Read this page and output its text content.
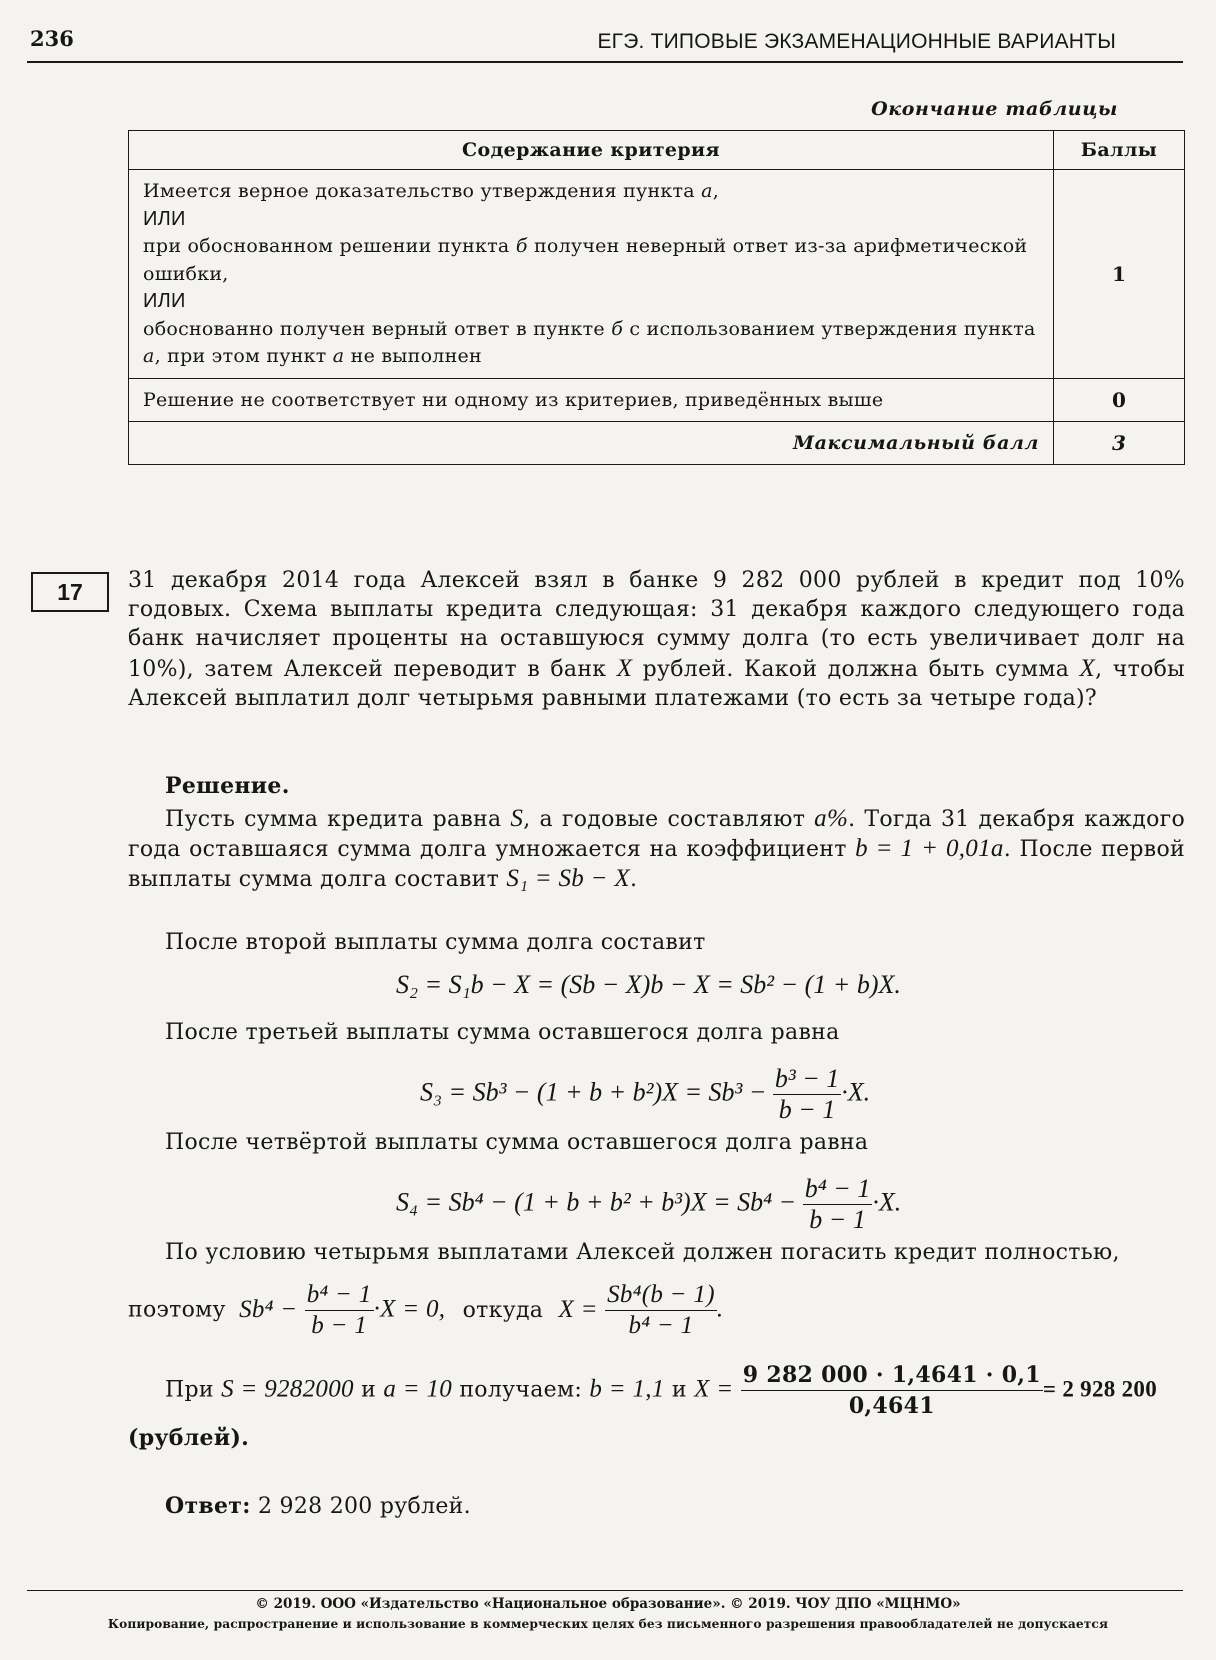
236	ЕГЭ. ТИПОВЫЕ ЭКЗАМЕНАЦИОННЫЕ ВАРИАНТЫ
Окончание таблицы
Содержание критерия	Баллы
Имеется верное доказательство утверждения пункта а,
ИЛИ
при обоснованном решении пункта б получен неверный ответ из-за арифметической ошибки,
ИЛИ
обоснованно получен верный ответ в пункте б с использованием утверждения пункта а, при этом пункт а не выполнен	1
Решение не соответствует ни одному из критериев, приведённых выше	0
Максимальный балл	3
17	31 декабря 2014 года Алексей взял в банке 9 282 000 рублей в кредит под 10% годовых. Схема выплаты кредита следующая: 31 декабря каждого следующего года банк начисляет проценты на оставшуюся сумму долга (то есть увеличивает долг на 10%), затем Алексей переводит в банк X рублей. Какой должна быть сумма X, чтобы Алексей выплатил долг четырьмя равными платежами (то есть за четыре года)?
Решение.
Пусть сумма кредита равна S, а годовые составляют a%. Тогда 31 декабря каждого года оставшаяся сумма долга умножается на коэффициент b = 1 + 0,01a. После первой выплаты сумма долга составит S₁ = Sb − X.
После второй выплаты сумма долга составит
S₂ = S₁b − X = (Sb − X)b − X = Sb² − (1 + b)X.
После третьей выплаты сумма оставшегося долга равна
$S_3 = Sb^3 - (1 + b + b^2)X = Sb^3 - \frac{\text{b³ − 1}}{b - 1} \cdot X$.
После четвёртой выплаты сумма оставшегося долга равна
$S_4 = Sb^4 - (1 + b + b^2 + b^3)X = Sb^4 - \frac{\text{b⁴ − 1}}{b - 1} \cdot X$.
По условию четырьмя выплатами Алексей должен погасить кредит полностью,
поэтому $Sb^4 - \frac{\text{b⁴ − 1}}{b - 1} \cdot X = 0$, откуда $X = \frac{\text{Sb⁴(b − 1)}}{\text{b⁴ − 1}}$ .
При S = 9282000 и a = 10 получаем: b = 1,1 и $X = \frac{9 282 000 \cdot 1,4641 \cdot 0,1}{0,4641} = 2$ 928 200
(рублей).
Ответ: 2 928 200 рублей.
© 2019. ООО «Издательство «Национальное образование». © 2019. ЧОУ ДПО «МЦНМО»
Копирование, распространение и использование в коммерческих целях без письменного разрешения правообладателей не допускается
